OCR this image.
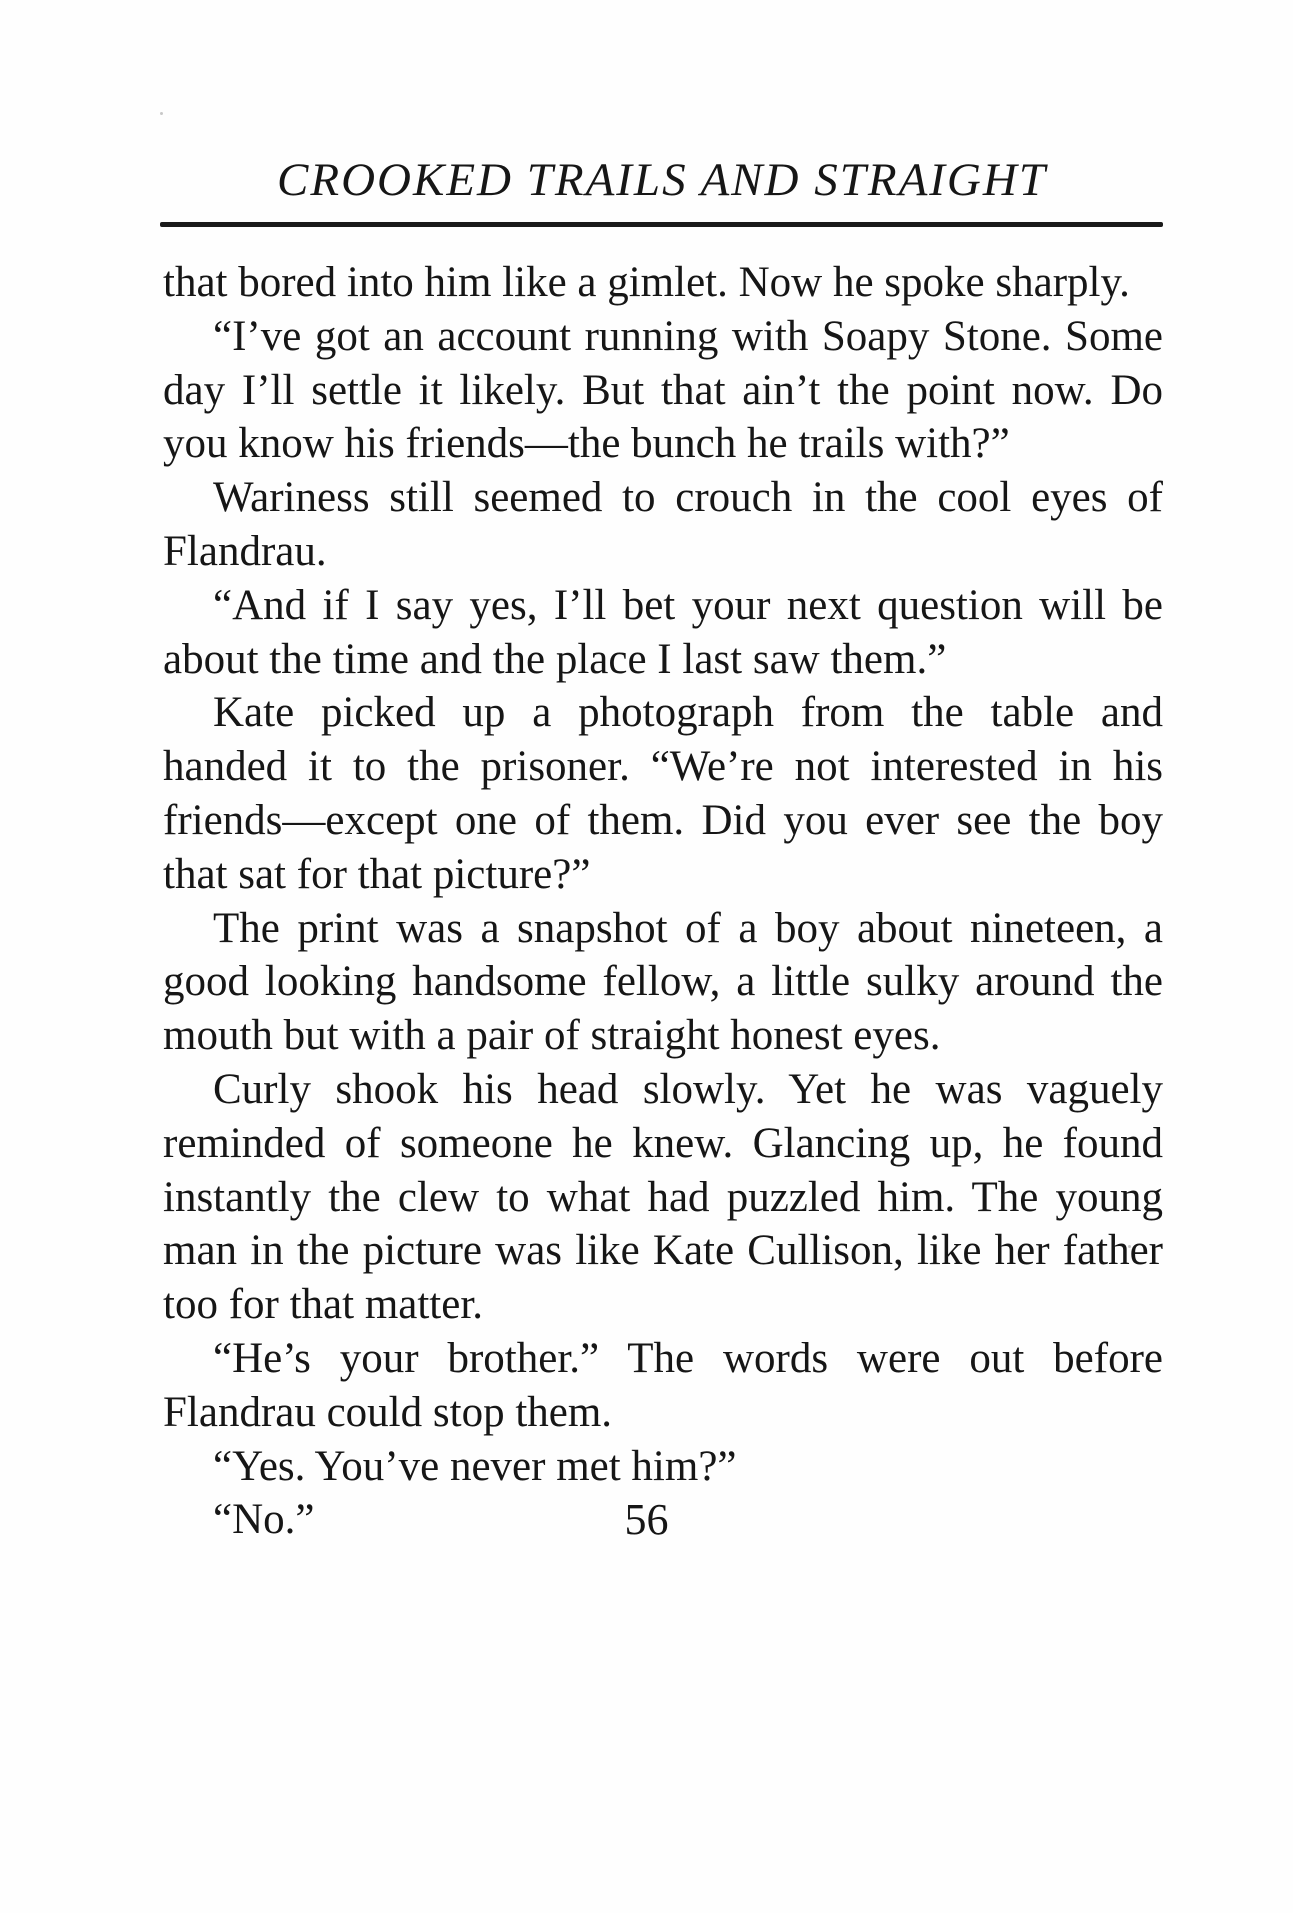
CROOKED TRAILS AND STRAIGHT

that bored into him like a gimlet. Now he spoke sharply.

“I’ve got an account running with Soapy Stone. Some day I’ll settle it likely. But that ain’t the point now. Do you know his friends—the bunch he trails with?”

Wariness still seemed to crouch in the cool eyes of Flandrau.

“And if I say yes, I’ll bet your next question will be about the time and the place I last saw them.”

Kate picked up a photograph from the table and handed it to the prisoner. “We’re not interested in his friends—except one of them. Did you ever see the boy that sat for that picture?”

The print was a snapshot of a boy about nineteen, a good looking handsome fellow, a little sulky around the mouth but with a pair of straight honest eyes.

Curly shook his head slowly. Yet he was vaguely reminded of someone he knew. Glancing up, he found instantly the clew to what had puzzled him. The young man in the picture was like Kate Cullison, like her father too for that matter.

“He’s your brother.” The words were out before Flandrau could stop them.

“Yes. You’ve never met him?”

“No.”	56
